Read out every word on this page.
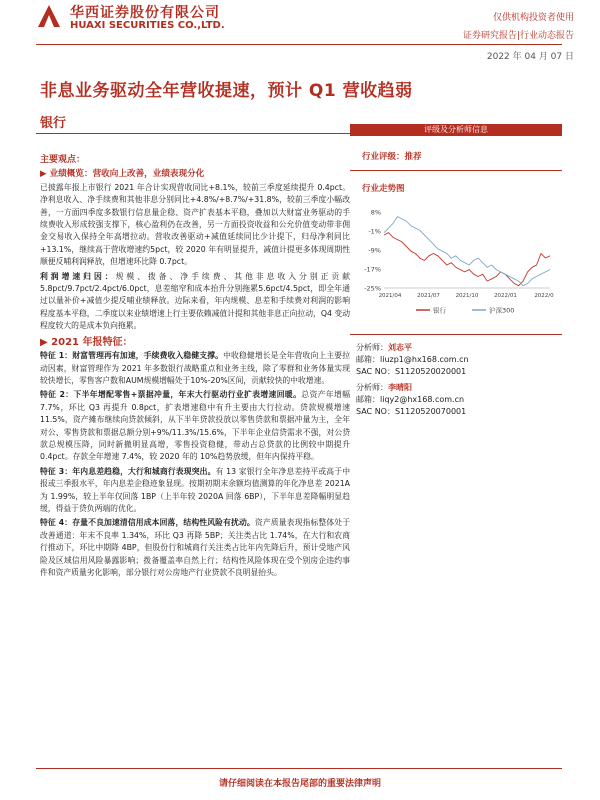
华西证券股份有限公司
HUAXI SECURITIES CO.,LTD.
仅供机构投资者使用
证券研究报告|行业动态报告
2022 年 04 月 07 日
非息业务驱动全年营收提速，预计 Q1 营收趋弱
银行
主要观点：
▶ 业绩概览：营收向上改善，业绩表现分化

已披露年报上市银行 2021 年合计实现营收同比+8.1%，较前三季度延续提升 0.4pct。净利息收入、净手续费和其他非息分别同比+4.8%/+8.7%/+31.8%，较前三季度小幅改善，一方面四季度多数银行信息量企稳、资产扩表基本平稳，叠加以大财富业务驱动的手续费收入形成较强支撑下，核心盈利仍在改善，另一方面投资收益和公允价值变动带非佣金交易收入保持全年高增拉动。营收改善驱动+减值延续同比少计提下，归母净利同比+13.1%，继续高于营收增速约5pct，较 2020 年有明显提升，减值计提更多体现周期性顺便反哺利润释放，但增速环比降 0.7pct。

利润增速归因：规模、拨备、净手续费、其他非息收入分别正贡献5.8pct/9.7pct/2.4pct/6.0pct，息差缩窄和成本抬升分别拖累5.6pct/4.5pct，即全年通过以量补价+减值少提反哺业绩释放。边际来看，年内规模、息差和手续费对利润的影响程度基本平稳，二季度以来业绩增速上行主要依赖减值计提和其他非息正向拉动，Q4 变动程度较大的是成本负向拖累。

▶ 2021 年报特征：

特征 1：财富管理再有加速，手续费收入稳健支撑。中收稳健增长是全年营收向上主要拉动因素，财富管理作为 2021 年多数银行战略重点和业务主线，除了零群和业务体量实现较快增长，零售客户数和AUM规模增幅处于10%-20%区间，贡献较快的中收增速。

特征 2：下半年增配零售+票据冲量，年末大行驱动行业扩表增速回暖。总资产年增幅 7.7%，环比 Q3 再提升 0.8pct，扩表增速稳中有升主要由大行拉动。贷款规模增速 11.5%，资产摊布继续向贷款倾斜，从下半年贷款投放以零售贷款和票据冲量为主，全年对公、零售贷款和票据总额分别+9%/11.3%/15.6%，下半年企业信贷需求不强，对公贷款总规模压降，同时新撤明显高增，零售投资稳健，带动占总贷款的比例较中期提升 0.4pct。存款全年增速 7.4%，较 2020 年的 10%趋势放缓，但年内保持平稳。

特征 3：年内息差趋稳，大行和城商行表现突出。有 13 家银行全年净息差持平或高于中报或三季报水平，年内息差企稳迹象显现。按期初期末余额均值测算的年化净息差 2021A 为 1.99%，较上半年仅回落 1BP（上半年较 2020A 回落 6BP），下半年息差降幅明显趋缓，得益于贷负两端的优化。

特征 4：存量不良加速清信用成本回落，结构性风险有扰动。资产质量表现指标整体处于改善通道：年末不良率 1.34%，环比 Q3 再降 5BP；关注类占比 1.74%，在大行和农商行推动下，环比中期降 4BP，但股份行和城商行关注类占比年内先降后升，预计受地产风险及区域信用风险暴露影响；拨备覆盖率自然上行；结构性风险体现在受个别房企违约事件和资产质量劣化影响，部分银行对公房地产行业贷款不良明显抬头。

评级及分析师信息
行业评级：推荐
行业走势图
8%
-1%
-9%
-17%
-25%
2021/04	2021/07	2021/10	2022/01	2022/0
银行	沪深300
分析师：刘志平
邮箱：liuzp1@hx168.com.cn
SAC NO：S1120520020001
分析师：李晴阳
邮箱：liqy2@hx168.com.cn
SAC NO：S1120520070001
请仔细阅读在本报告尾部的重要法律声明
